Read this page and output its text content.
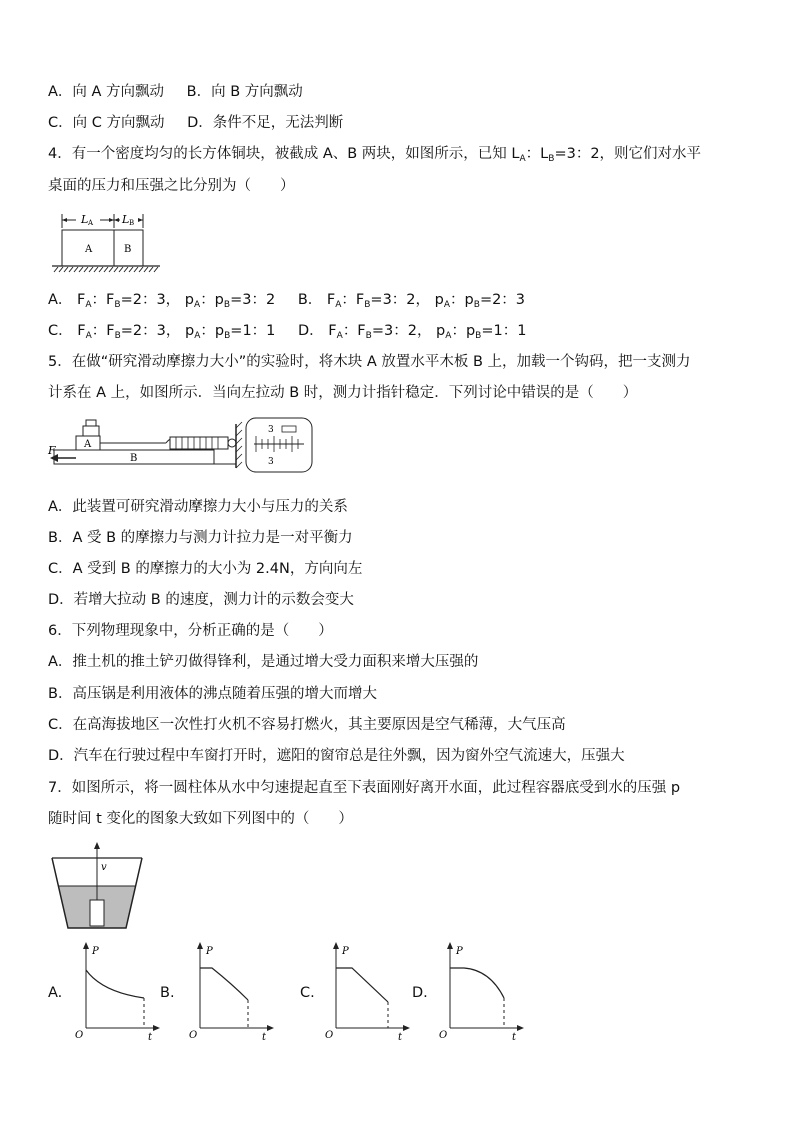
A．向 A 方向飘动 B．向 B 方向飘动
C．向 C 方向飘动 D．条件不足，无法判断
4．有一个密度均匀的长方体铜块，被截成 A、B 两块，如图所示，已知 $L_A$：$L_B=3$：2，则它们对水平
桌面的压力和压强之比分别为（　　）
L A	L B
A	B
A． $F_A$：$F_B=2$：3， $p_A$：$p_B=3$：2 B． $F_A$：$F_B=3$：2， $p_A$：$p_B=2$：3
C． $F_A$：$F_B=2$：3， $p_A$：$p_B=1$：1 D． $F_A$：$F_B=3$：2， $p_A$：$p_B=1$：1
5．在做“研究滑动摩擦力大小”的实验时，将木块 A 放置水平木板 B 上，加载一个钩码，把一支测力
计系在 A 上，如图所示．当向左拉动 B 时，测力计指针稳定．下列讨论中错误的是（　　）
A
B
F
3
3
A．此装置可研究滑动摩擦力大小与压力的关系
B．A 受 B 的摩擦力与测力计拉力是一对平衡力
C．A 受到 B 的摩擦力的大小为 2.4N，方向向左
D．若增大拉动 B 的速度，测力计的示数会变大
6．下列物理现象中，分析正确的是（　　）
A．推土机的推土铲刃做得锋利，是通过增大受力面积来增大压强的
B．高压锅是利用液体的沸点随着压强的增大而增大
C．在高海拔地区一次性打火机不容易打燃火，其主要原因是空气稀薄，大气压高
D．汽车在行驶过程中车窗打开时，遮阳的窗帘总是往外飘，因为窗外空气流速大，压强大
7．如图所示，将一圆柱体从水中匀速提起直至下表面刚好离开水面，此过程容器底受到水的压强 p
随时间 t 变化的图象大致如下列图中的（　　）
v
A.	B.	C.	D.
P
O	t
P
O	t
P
O	t
P
O	t
